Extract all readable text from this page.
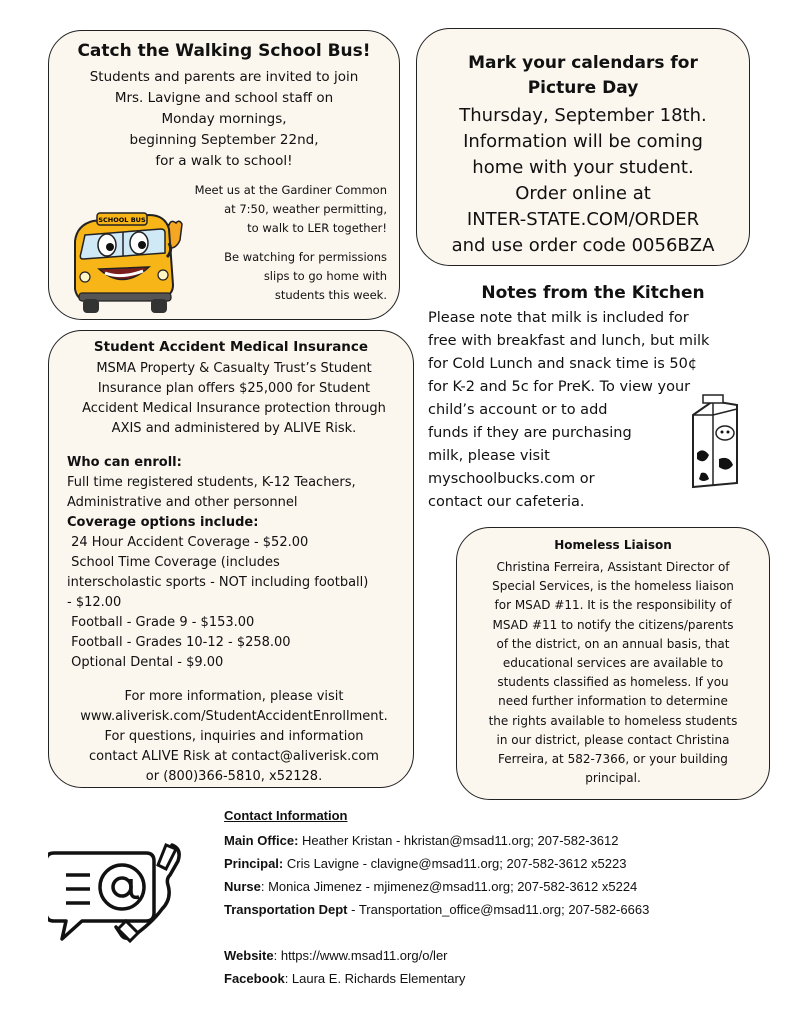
Catch the Walking School Bus!
Students and parents are invited to join
Mrs. Lavigne and school staff on
Monday mornings,
beginning September 22nd,
for a walk to school!
Meet us at the Gardiner Common
at 7:50, weather permitting,
to walk to LER together!
Be watching for permissions
slips to go home with
students this week.
SCHOOL BUS
Mark your calendars for
Picture Day
Thursday, September 18th.
Information will be coming
home with your student.
Order online at
INTER-STATE.COM/ORDER
and use order code 0056BZA
Notes from the Kitchen
Please note that milk is included for
free with breakfast and lunch, but milk
for Cold Lunch and snack time is 50¢
for K-2 and 5c for PreK. To view your
child’s account or to add
funds if they are purchasing
milk, please visit
myschoolbucks.com or
contact our cafeteria.
Student Accident Medical Insurance
MSMA Property & Casualty Trust’s Student
Insurance plan offers $25,000 for Student
Accident Medical Insurance protection through
AXIS and administered by ALIVE Risk.
Who can enroll:
Full time registered students, K-12 Teachers,
Administrative and other personnel
Coverage options include:
24 Hour Accident Coverage - $52.00
School Time Coverage (includes
interscholastic sports - NOT including football)
- $12.00
Football - Grade 9 - $153.00
Football - Grades 10-12 - $258.00
Optional Dental - $9.00
For more information, please visit
www.aliverisk.com/StudentAccidentEnrollment.
For questions, inquiries and information
contact ALIVE Risk at contact@aliverisk.com
or (800)366-5810, x52128.
Homeless Liaison
Christina Ferreira, Assistant Director of
Special Services, is the homeless liaison
for MSAD #11. It is the responsibility of
MSAD #11 to notify the citizens/parents
of the district, on an annual basis, that
educational services are available to
students classified as homeless. If you
need further information to determine
the rights available to homeless students
in our district, please contact Christina
Ferreira, at 582-7366, or your building
principal.
Contact Information
Main Office: Heather Kristan - hkristan@msad11.org; 207-582-3612
Principal: Cris Lavigne - clavigne@msad11.org; 207-582-3612 x5223
Nurse: Monica Jimenez - mjimenez@msad11.org; 207-582-3612 x5224
Transportation Dept - Transportation_office@msad11.org; 207-582-6663
Website: https://www.msad11.org/o/ler
Facebook: Laura E. Richards Elementary
